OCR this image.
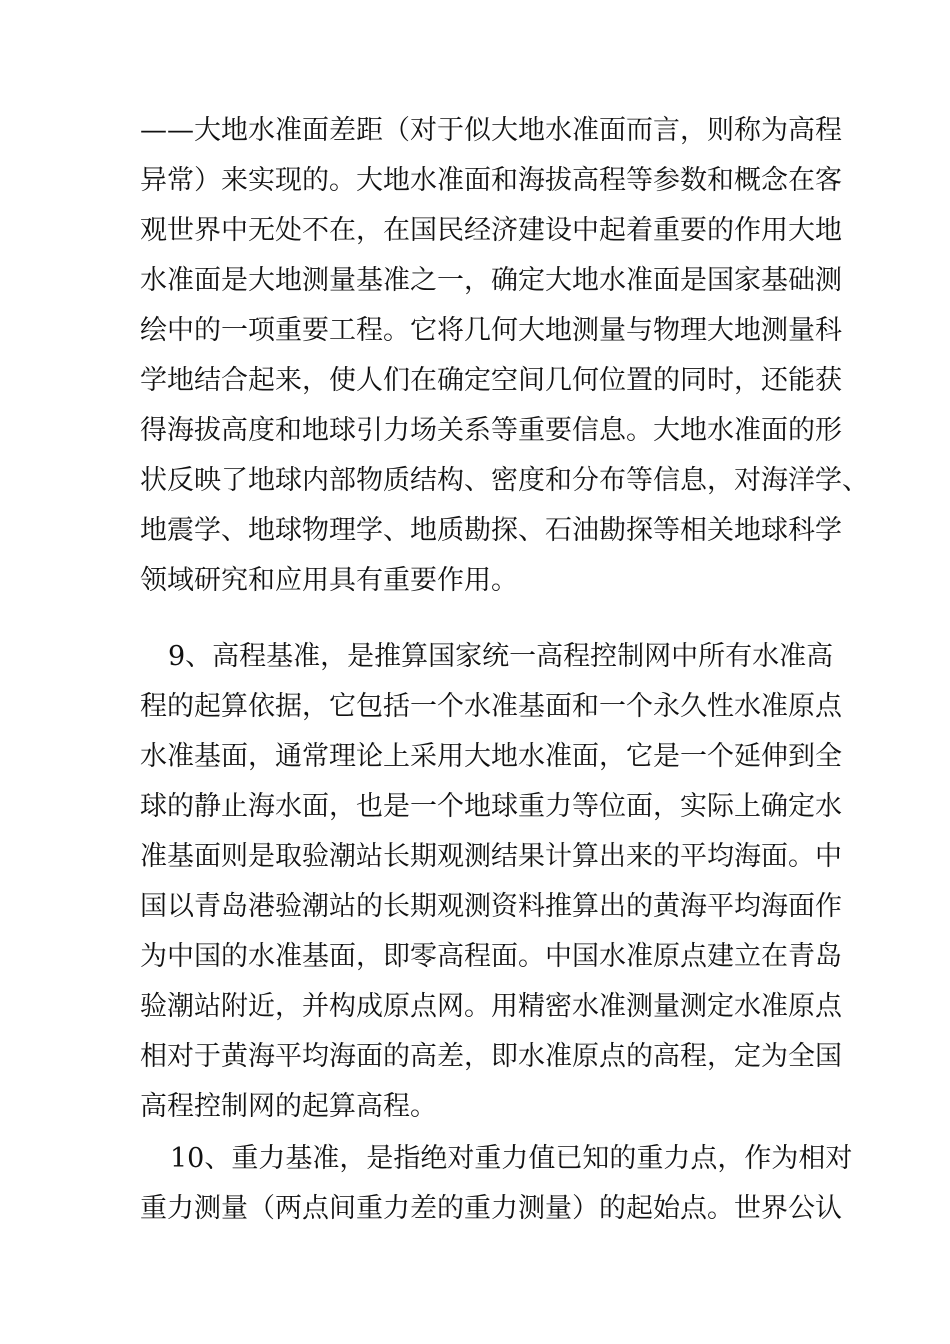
——大地水准面差距（对于似大地水准面而言，则称为高程
异常）来实现的。大地水准面和海拔高程等参数和概念在客
观世界中无处不在，在国民经济建设中起着重要的作用大地
水准面是大地测量基准之一，确定大地水准面是国家基础测
绘中的一项重要工程。它将几何大地测量与物理大地测量科
学地结合起来，使人们在确定空间几何位置的同时，还能获
得海拔高度和地球引力场关系等重要信息。大地水准面的形
状反映了地球内部物质结构、密度和分布等信息，对海洋学、
地震学、地球物理学、地质勘探、石油勘探等相关地球科学
领域研究和应用具有重要作用。
9、高程基准，是推算国家统一高程控制网中所有水准高
程的起算依据，它包括一个水准基面和一个永久性水准原点
水准基面，通常理论上采用大地水准面，它是一个延伸到全
球的静止海水面，也是一个地球重力等位面，实际上确定水
准基面则是取验潮站长期观测结果计算出来的平均海面。中
国以青岛港验潮站的长期观测资料推算出的黄海平均海面作
为中国的水准基面，即零高程面。中国水准原点建立在青岛
验潮站附近，并构成原点网。用精密水准测量测定水准原点
相对于黄海平均海面的高差，即水准原点的高程，定为全国
高程控制网的起算高程。
10、重力基准，是指绝对重力值已知的重力点，作为相对
重力测量（两点间重力差的重力测量）的起始点。世界公认
